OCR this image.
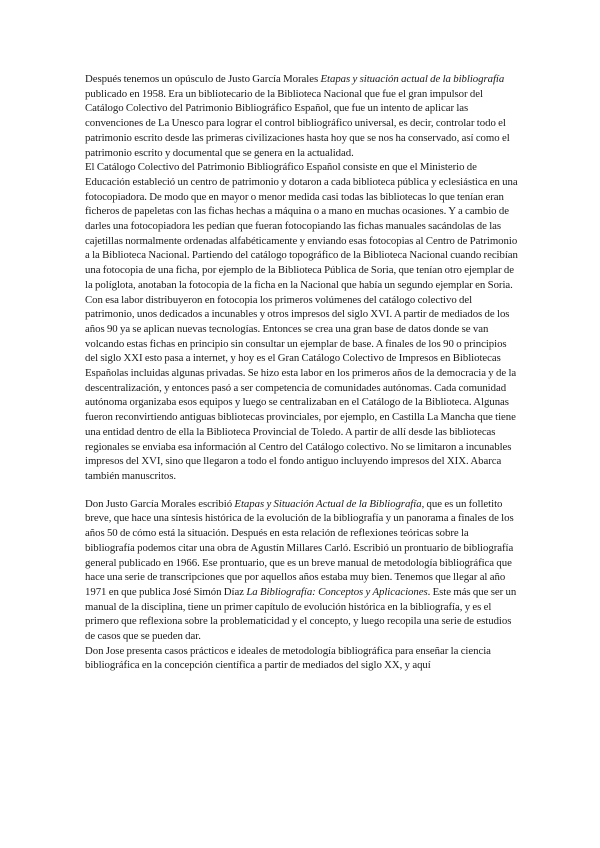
Después tenemos un opúsculo de Justo García Morales Etapas y situación actual de la bibliografía publicado en 1958. Era un bibliotecario de la Biblioteca Nacional que fue el gran impulsor del Catálogo Colectivo del Patrimonio Bibliográfico Español, que fue un intento de aplicar las convenciones de La Unesco para lograr el control bibliográfico universal, es decir, controlar todo el patrimonio escrito desde las primeras civilizaciones hasta hoy que se nos ha conservado, así como el patrimonio escrito y documental que se genera en la actualidad.

El Catálogo Colectivo del Patrimonio Bibliográfico Español consiste en que el Ministerio de Educación estableció un centro de patrimonio y dotaron a cada biblioteca pública y eclesiástica en una fotocopiadora. De modo que en mayor o menor medida casi todas las bibliotecas lo que tenían eran ficheros de papeletas con las fichas hechas a máquina o a mano en muchas ocasiones. Y a cambio de darles una fotocopiadora les pedían que fueran fotocopiando las fichas manuales sacándolas de las cajetillas normalmente ordenadas alfabéticamente y enviando esas fotocopias al Centro de Patrimonio a la Biblioteca Nacional. Partiendo del catálogo topográfico de la Biblioteca Nacional cuando recibían una fotocopia de una ficha, por ejemplo de la Biblioteca Pública de Soria, que tenían otro ejemplar de la políglota, anotaban la fotocopia de la ficha en la Nacional que había un segundo ejemplar en Soria. Con esa labor distribuyeron en fotocopia los primeros volúmenes del catálogo colectivo del patrimonio, unos dedicados a incunables y otros impresos del siglo XVI. A partir de mediados de los años 90 ya se aplican nuevas tecnologías. Entonces se crea una gran base de datos donde se van volcando estas fichas en principio sin consultar un ejemplar de base. A finales de los 90 o principios del siglo XXI esto pasa a internet, y hoy es el Gran Catálogo Colectivo de Impresos en Bibliotecas Españolas incluidas algunas privadas. Se hizo esta labor en los primeros años de la democracia y de la descentralización, y entonces pasó a ser competencia de comunidades autónomas. Cada comunidad autónoma organizaba esos equipos y luego se centralizaban en el Catálogo de la Biblioteca. Algunas fueron reconvirtiendo antiguas bibliotecas provinciales, por ejemplo, en Castilla La Mancha que tiene una entidad dentro de ella la Biblioteca Provincial de Toledo. A partir de allí desde las bibliotecas regionales se enviaba esa información al Centro del Catálogo colectivo. No se limitaron a incunables impresos del XVI, sino que llegaron a todo el fondo antiguo incluyendo impresos del XIX. Abarca también manuscritos.

Don Justo García Morales escribió Etapas y Situación Actual de la Bibliografía, que es un folletito breve, que hace una síntesis histórica de la evolución de la bibliografía y un panorama a finales de los años 50 de cómo está la situación. Después en esta relación de reflexiones teóricas sobre la bibliografía podemos citar una obra de Agustín Millares Carló. Escribió un prontuario de bibliografía general publicado en 1966. Ese prontuario, que es un breve manual de metodología bibliográfica que hace una serie de transcripciones que por aquellos años estaba muy bien. Tenemos que llegar al año 1971 en que publica José Simón Díaz La Bibliografía: Conceptos y Aplicaciones. Este más que ser un manual de la disciplina, tiene un primer capítulo de evolución histórica en la bibliografía, y es el primero que reflexiona sobre la problematicidad y el concepto, y luego recopila una serie de estudios de casos que se pueden dar.

Don Jose presenta casos prácticos e ideales de metodología bibliográfica para enseñar la ciencia bibliográfica en la concepción científica a partir de mediados del siglo XX, y aquí
